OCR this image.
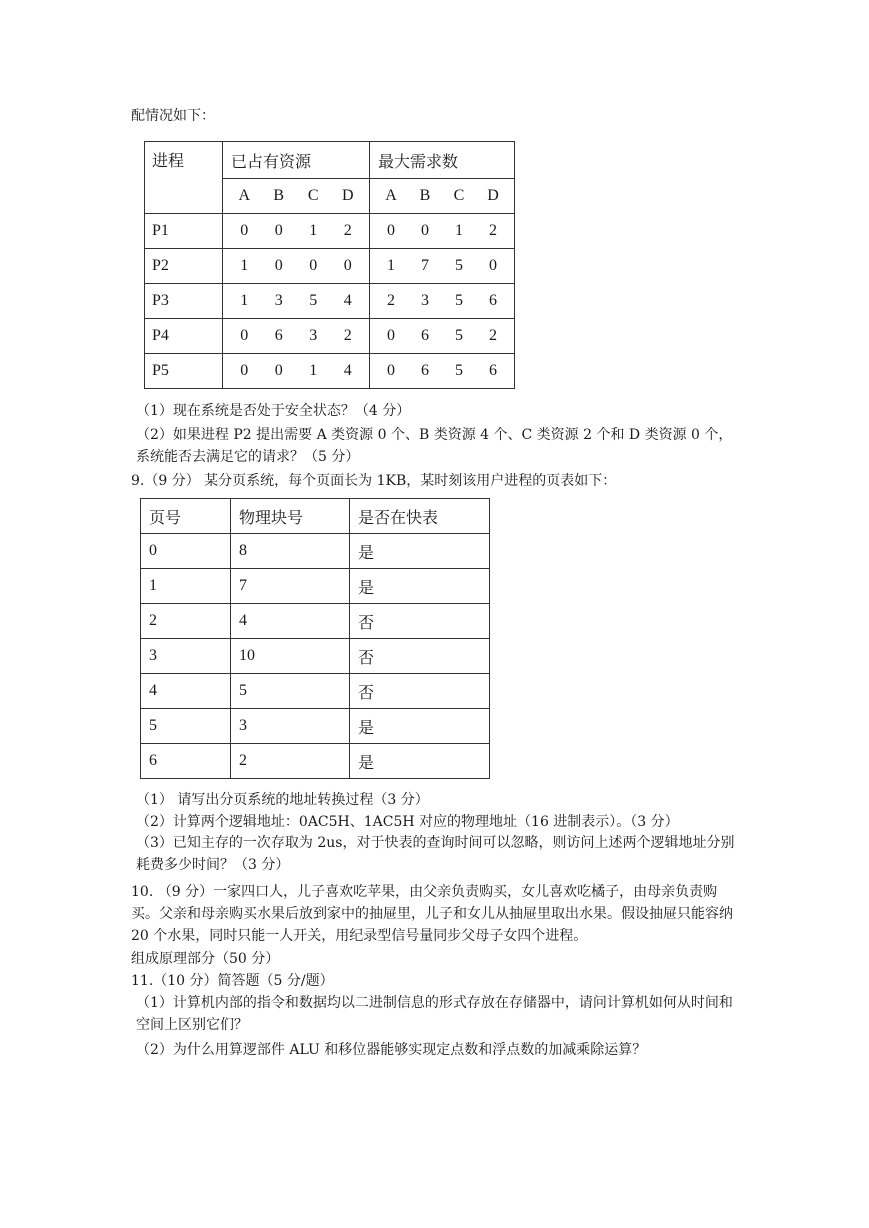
配情况如下：
进程	已占有资源	最大需求数

	A B C D	A B C D

P1	0 0 1 2	0 0 1 2

P2	1 0 0 0	1 7 5 0

P3	1 3 5 4	2 3 5 6

P4	0 6 3 2	0 6 5 2

P5	0 0 1 4	0 6 5 6
（1）现在系统是否处于安全状态？（4 分）
（2）如果进程 P2 提出需要 A 类资源 0 个、B 类资源 4 个、C 类资源 2 个和 D 类资源 0 个，系统能否去满足它的请求？（5 分）
9.（9 分） 某分页系统，每个页面长为 1KB，某时刻该用户进程的页表如下：
页号	物理块号	是否在快表
0	8	是
1	7	是
2	4	否
3	10	否
4	5	否
5	3	是
6	2	是
（1） 请写出分页系统的地址转换过程（3 分）
（2）计算两个逻辑地址：0AC5H、1AC5H 对应的物理地址（16 进制表示）。（3 分）
（3）已知主存的一次存取为 2us，对于快表的查询时间可以忽略，则访问上述两个逻辑地址分别耗费多少时间？（3 分）
10. （9 分）一家四口人，儿子喜欢吃苹果，由父亲负责购买，女儿喜欢吃橘子，由母亲负责购买。父亲和母亲购买水果后放到家中的抽屉里，儿子和女儿从抽屉里取出水果。假设抽屉只能容纳 20 个水果，同时只能一人开关，用纪录型信号量同步父母子女四个进程。
组成原理部分（50 分）
11.（10 分）简答题（5 分/题）
（1）计算机内部的指令和数据均以二进制信息的形式存放在存储器中，请问计算机如何从时间和空间上区别它们？
（2）为什么用算逻部件 ALU 和移位器能够实现定点数和浮点数的加减乘除运算？
